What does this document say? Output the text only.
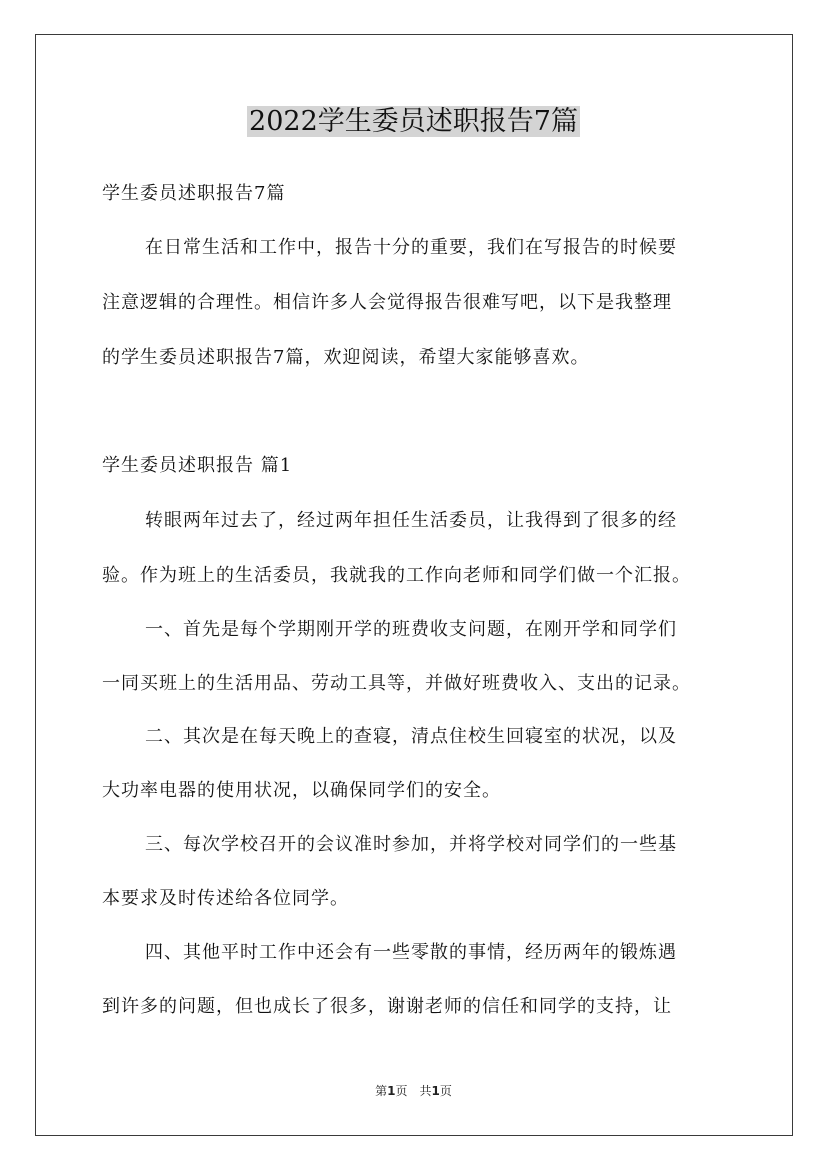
2022学生委员述职报告7篇
学生委员述职报告7篇
在日常生活和工作中，报告十分的重要，我们在写报告的时候要
注意逻辑的合理性。相信许多人会觉得报告很难写吧，以下是我整理
的学生委员述职报告7篇，欢迎阅读，希望大家能够喜欢。
学生委员述职报告 篇1
转眼两年过去了，经过两年担任生活委员，让我得到了很多的经
验。作为班上的生活委员，我就我的工作向老师和同学们做一个汇报。
一、首先是每个学期刚开学的班费收支问题，在刚开学和同学们
一同买班上的生活用品、劳动工具等，并做好班费收入、支出的记录。
二、其次是在每天晚上的查寝，清点住校生回寝室的状况，以及
大功率电器的使用状况，以确保同学们的安全。
三、每次学校召开的会议准时参加，并将学校对同学们的一些基
本要求及时传述给各位同学。
四、其他平时工作中还会有一些零散的事情，经历两年的锻炼遇
到许多的问题，但也成长了很多，谢谢老师的信任和同学的支持，让
第1页 共1页
